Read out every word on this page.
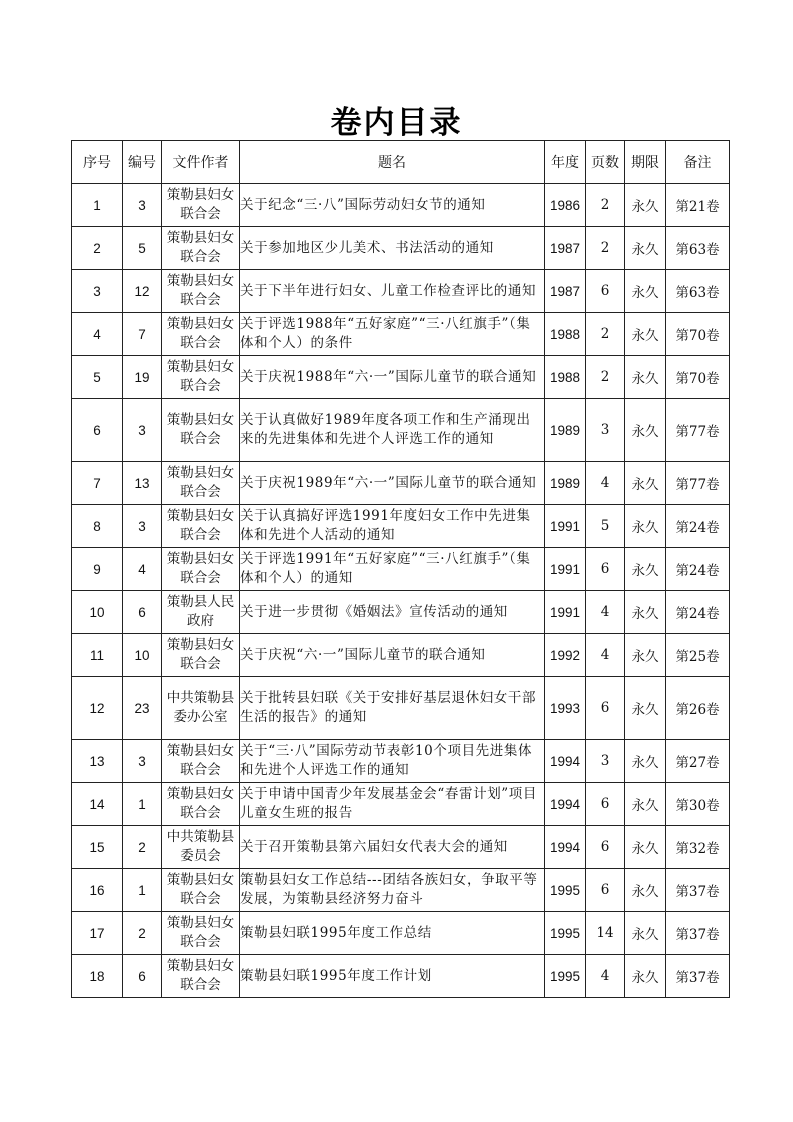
卷内目录
序号	编号	文件作者	题名	年度	页数	期限	备注
1	3	策勒县妇女联合会	关于纪念“三·八”国际劳动妇女节的通知	1986	2	永久	第21卷
2	5	策勒县妇女联合会	关于参加地区少儿美术、书法活动的通知	1987	2	永久	第63卷
3	12	策勒县妇女联合会	关于下半年进行妇女、儿童工作检查评比的通知	1987	6	永久	第63卷
4	7	策勒县妇女联合会	关于评选1988年“五好家庭”“三·八红旗手”（集体和个人）的条件	1988	2	永久	第70卷
5	19	策勒县妇女联合会	关于庆祝1988年“六·一”国际儿童节的联合通知	1988	2	永久	第70卷
6	3	策勒县妇女联合会	关于认真做好1989年度各项工作和生产涌现出来的先进集体和先进个人评选工作的通知	1989	3	永久	第77卷
7	13	策勒县妇女联合会	关于庆祝1989年“六·一”国际儿童节的联合通知	1989	4	永久	第77卷
8	3	策勒县妇女联合会	关于认真搞好评选1991年度妇女工作中先进集体和先进个人活动的通知	1991	5	永久	第24卷
9	4	策勒县妇女联合会	关于评选1991年“五好家庭”“三·八红旗手”（集体和个人）的通知	1991	6	永久	第24卷
10	6	策勒县人民政府	关于进一步贯彻《婚姻法》宣传活动的通知	1991	4	永久	第24卷
11	10	策勒县妇女联合会	关于庆祝“六·一”国际儿童节的联合通知	1992	4	永久	第25卷
12	23	中共策勒县委办公室	关于批转县妇联《关于安排好基层退休妇女干部生活的报告》的通知	1993	6	永久	第26卷
13	3	策勒县妇女联合会	关于“三·八”国际劳动节表彰10个项目先进集体和先进个人评选工作的通知	1994	3	永久	第27卷
14	1	策勒县妇女联合会	关于申请中国青少年发展基金会“春雷计划”项目儿童女生班的报告	1994	6	永久	第30卷
15	2	中共策勒县委员会	关于召开策勒县第六届妇女代表大会的通知	1994	6	永久	第32卷
16	1	策勒县妇女联合会	策勒县妇女工作总结---团结各族妇女，争取平等发展，为策勒县经济努力奋斗	1995	6	永久	第37卷
17	2	策勒县妇女联合会	策勒县妇联1995年度工作总结	1995	14	永久	第37卷
18	6	策勒县妇女联合会	策勒县妇联1995年度工作计划	1995	4	永久	第37卷
